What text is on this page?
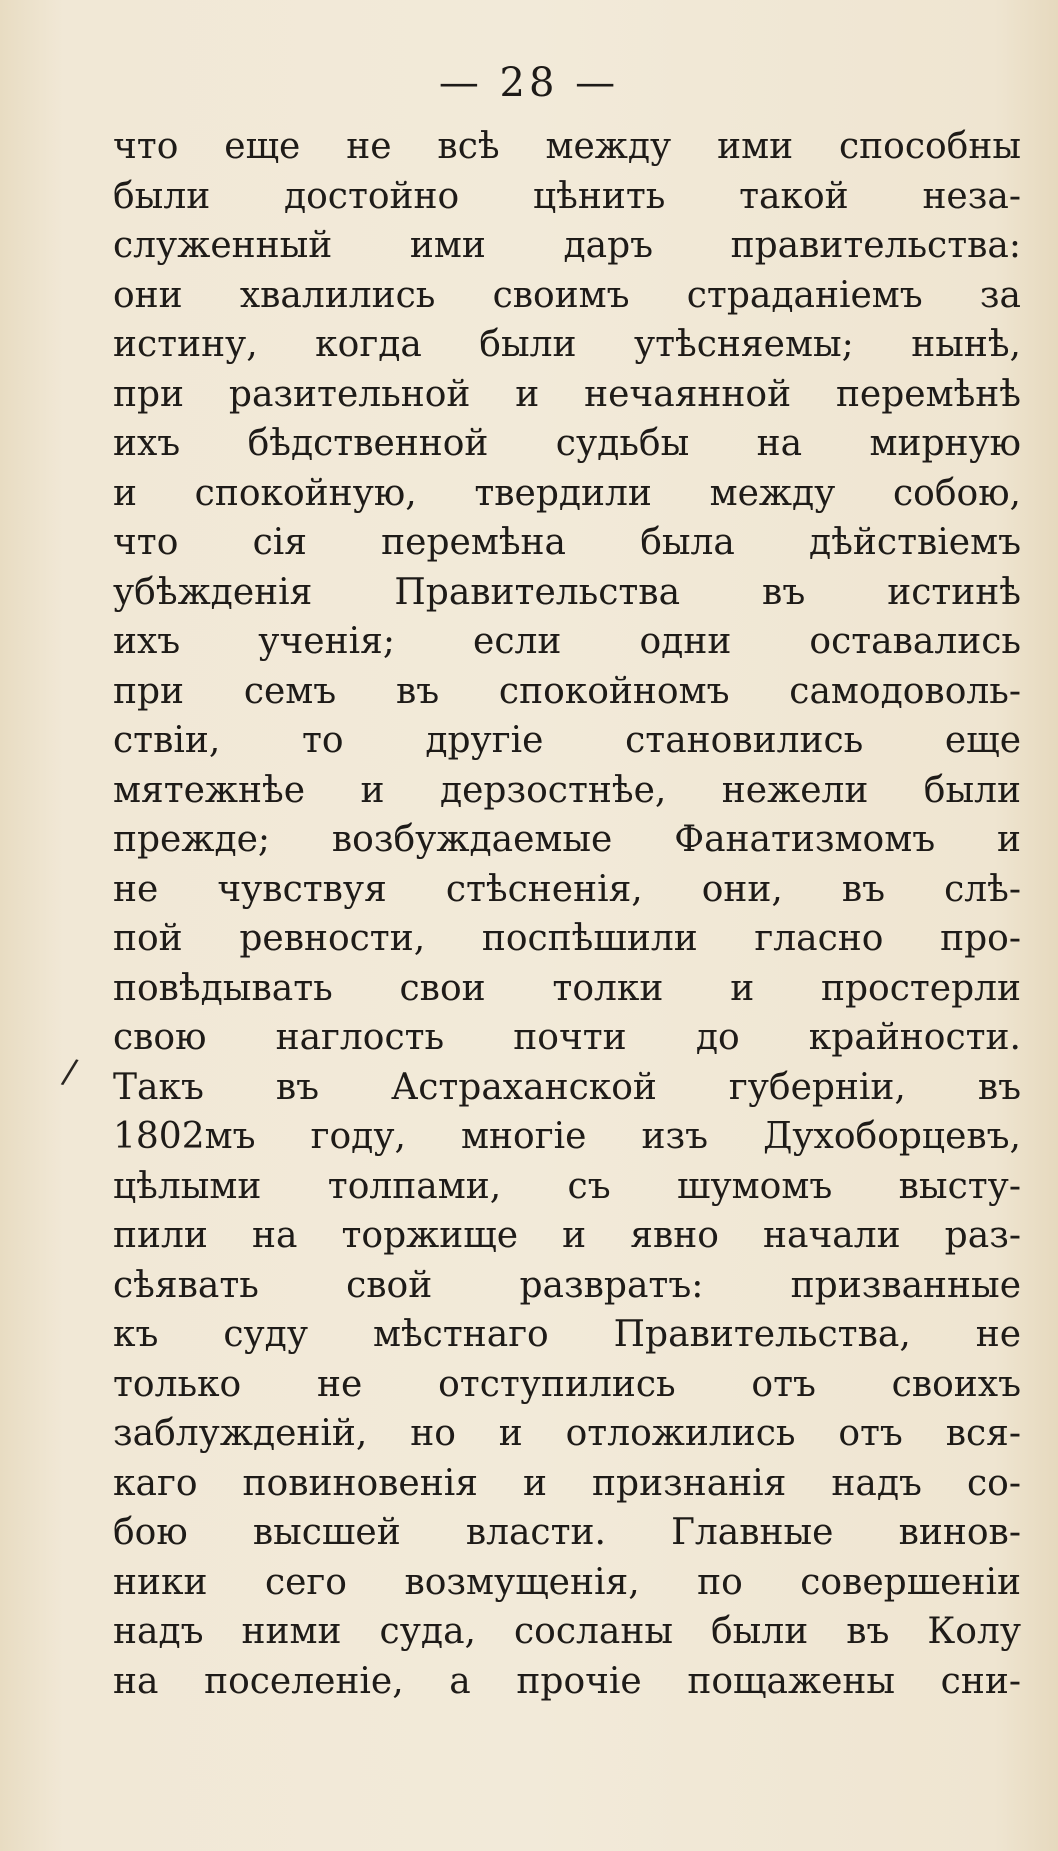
— 28 —
/
что еще не всѣ между ими способны
были достойно цѣнить такой неза-
служенный ими даръ правительства:
они хвалились своимъ страданiемъ за
истину, когда были утѣсняемы; нынѣ,
при разительной и нечаянной перемѣнѣ
ихъ бѣдственной судьбы на мирную
и спокойную, твердили между собою,
что сiя перемѣна была дѣйствiемъ
убѣжденiя Правительства въ истинѣ
ихъ ученiя; если одни оставались
при семъ въ спокойномъ самодоволь-
ствiи, то другiе становились еще
мятежнѣе и дерзостнѣе, нежели были
прежде; возбуждаемые Фанатизмомъ и
не чувствуя стѣсненiя, они, въ слѣ-
пой ревности, поспѣшили гласно про-
повѣдывать свои толки и простерли
свою наглость почти до крайности.
Такъ въ Астраханской губернiи, въ
1802мъ году, многiе изъ Духоборцевъ,
цѣлыми толпами, съ шумомъ высту-
пили на торжище и явно начали раз-
сѣявать свой развратъ: призванные
къ суду мѣстнаго Правительства, не
только не отступились отъ своихъ
заблужденiй, но и отложились отъ вся-
каго повиновенiя и признанiя надъ со-
бою высшей власти. Главные винов-
ники сего возмущенiя, по совершенiи
надъ ними суда, сосланы были въ Колу
на поселенiе, а прочiе пощажены сни-
